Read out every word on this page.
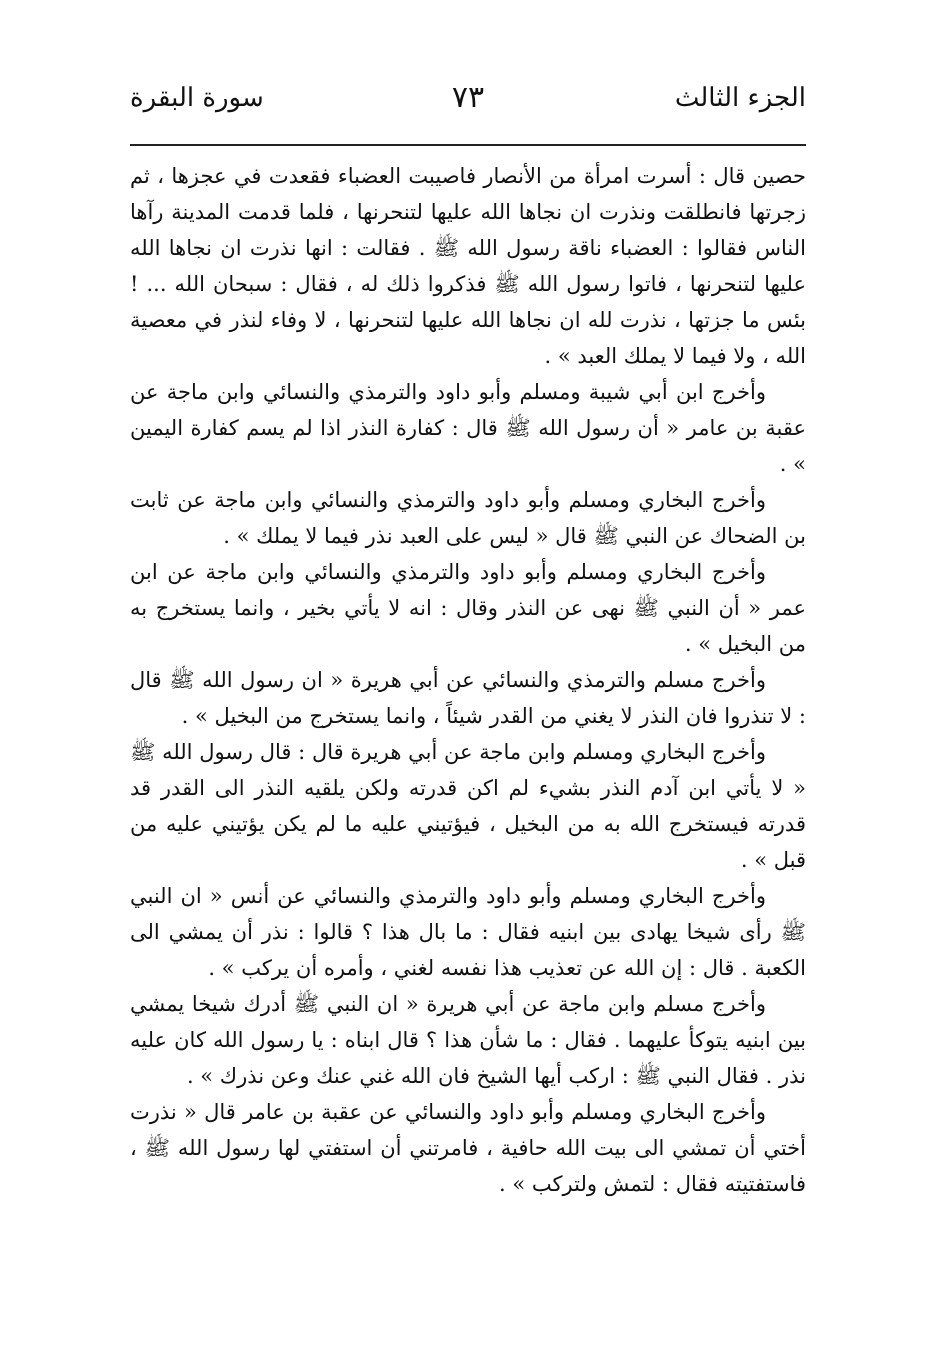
الجزء الثالث
٧٣
سورة البقرة

حصين قال : أسرت امرأة من الأنصار فاصيبت العضباء فقعدت في عجزها ، ثم زجرتها فانطلقت ونذرت ان نجاها الله عليها لتنحرنها ، فلما قدمت المدينة رآها الناس فقالوا : العضباء ناقة رسول الله ﷺ . فقالت : انها نذرت ان نجاها الله عليها لتنحرنها ، فاتوا رسول الله ﷺ فذكروا ذلك له ، فقال : سبحان الله ... ! بئس ما جزتها ، نذرت لله ان نجاها الله عليها لتنحرنها ، لا وفاء لنذر في معصية الله ، ولا فيما لا يملك العبد » .

وأخرج ابن أبي شيبة ومسلم وأبو داود والترمذي والنسائي وابن ماجة عن عقبة بن عامر « أن رسول الله ﷺ قال : كفارة النذر اذا لم يسم كفارة اليمين » .

وأخرج البخاري ومسلم وأبو داود والترمذي والنسائي وابن ماجة عن ثابت بن الضحاك عن النبي ﷺ قال « ليس على العبد نذر فيما لا يملك » .

وأخرج البخاري ومسلم وأبو داود والترمذي والنسائي وابن ماجة عن ابن عمر « أن النبي ﷺ نهى عن النذر وقال : انه لا يأتي بخير ، وانما يستخرج به من البخيل » .

وأخرج مسلم والترمذي والنسائي عن أبي هريرة « ان رسول الله ﷺ قال : لا تنذروا فان النذر لا يغني من القدر شيئاً ، وانما يستخرج من البخيل » .

وأخرج البخاري ومسلم وابن ماجة عن أبي هريرة قال : قال رسول الله ﷺ « لا يأتي ابن آدم النذر بشيء لم اكن قدرته ولكن يلقيه النذر الى القدر قد قدرته فيستخرج الله به من البخيل ، فيؤتيني عليه ما لم يكن يؤتيني عليه من قبل » .

وأخرج البخاري ومسلم وأبو داود والترمذي والنسائي عن أنس « ان النبي ﷺ رأى شيخا يهادى بين ابنيه فقال : ما بال هذا ؟ قالوا : نذر أن يمشي الى الكعبة . قال : إن الله عن تعذيب هذا نفسه لغني ، وأمره أن يركب » .

وأخرج مسلم وابن ماجة عن أبي هريرة « ان النبي ﷺ أدرك شيخا يمشي بين ابنيه يتوكأ عليهما . فقال : ما شأن هذا ؟ قال ابناه : يا رسول الله كان عليه نذر . فقال النبي ﷺ : اركب أيها الشيخ فان الله غني عنك وعن نذرك » .

وأخرج البخاري ومسلم وأبو داود والنسائي عن عقبة بن عامر قال « نذرت أختي أن تمشي الى بيت الله حافية ، فامرتني أن استفتي لها رسول الله ﷺ ، فاستفتيته فقال : لتمش ولتركب » .
